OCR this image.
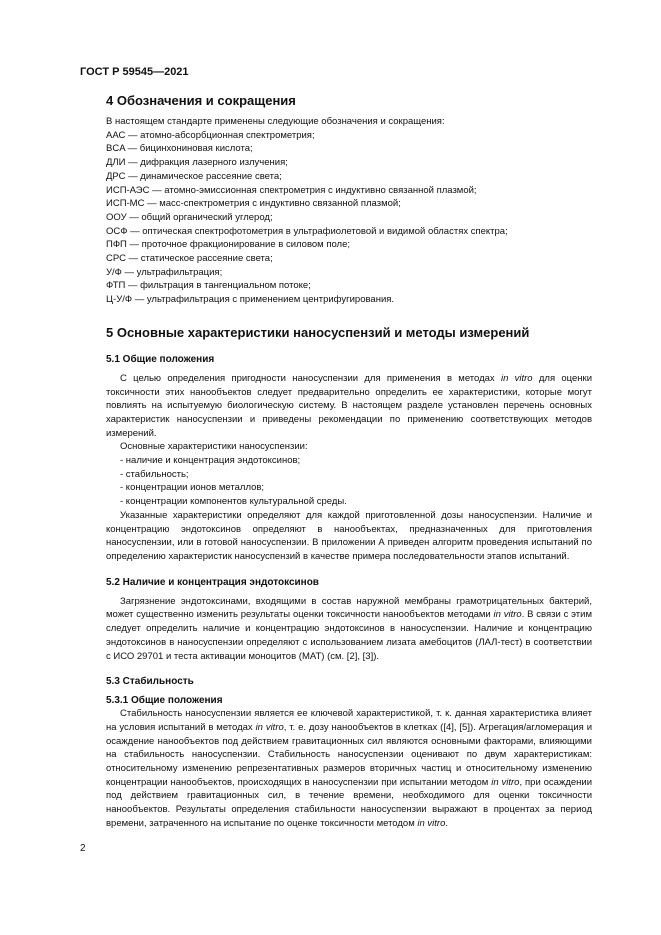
ГОСТ Р 59545—2021
4 Обозначения и сокращения

В настоящем стандарте применены следующие обозначения и сокращения:

ААС — атомно-абсорбционная спектрометрия;

BCA — бицинхониновая кислота;

ДЛИ — дифракция лазерного излучения;

ДРС — динамическое рассеяние света;

ИСП-АЭС — атомно-эмиссионная спектрометрия с индуктивно связанной плазмой;

ИСП-МС — масс-спектрометрия с индуктивно связанной плазмой;

ООУ — общий органический углерод;

ОСФ — оптическая спектрофотометрия в ультрафиолетовой и видимой областях спектра;

ПФП — проточное фракционирование в силовом поле;

СРС — статическое рассеяние света;

У/Ф — ультрафильтрация;

ФТП — фильтрация в тангенциальном потоке;

Ц-У/Ф — ультрафильтрация с применением центрифугирования.

5 Основные характеристики наносуспензий и методы измерений
5.1 Общие положения

С целью определения пригодности наносуспензии для применения в методах in vitro для оценки токсичности этих нанообъектов следует предварительно определить ее характеристики, которые могут повлиять на испытуемую биологическую систему. В настоящем разделе установлен перечень основных характеристик наносуспензии и приведены рекомендации по применению соответствующих методов измерений.

Основные характеристики наносуспензии:

- наличие и концентрация эндотоксинов;

- стабильность;

- концентрации ионов металлов;

- концентрации компонентов культуральной среды.

Указанные характеристики определяют для каждой приготовленной дозы наносуспензии. Наличие и концентрацию эндотоксинов определяют в нанообъектах, предназначенных для приготовления наносуспензии, или в готовой наносуспензии. В приложении А приведен алгоритм проведения испытаний по определению характеристик наносуспензий в качестве примера последовательности этапов испытаний.

5.2 Наличие и концентрация эндотоксинов

Загрязнение эндотоксинами, входящими в состав наружной мембраны грамотрицательных бактерий, может существенно изменить результаты оценки токсичности нанообъектов методами in vitro. В связи с этим следует определить наличие и концентрацию эндотоксинов в наносуспензии. Наличие и концентрацию эндотоксинов в наносуспензии определяют с использованием лизата амебоцитов (ЛАЛ-тест) в соответствии с ИСО 29701 и теста активации моноцитов (MAT) (см. [2], [3]).

5.3 Стабильность
5.3.1 Общие положения

Стабильность наносуспензии является ее ключевой характеристикой, т. к. данная характеристика влияет на условия испытаний в методах in vitro, т. е. дозу нанообъектов в клетках ([4], [5]). Агрегация/агломерация и осаждение нанообъектов под действием гравитационных сил являются основными факторами, влияющими на стабильность наносуспензии. Стабильность наносуспензии оценивают по двум характеристикам: относительному изменению репрезентативных размеров вторичных частиц и относительному изменению концентрации нанообъектов, происходящих в наносуспензии при испытании методом in vitro, при осаждении под действием гравитационных сил, в течение времени, необходимого для оценки токсичности нанообъектов. Результаты определения стабильности наносуспензии выражают в процентах за период времени, затраченного на испытание по оценке токсичности методом in vitro.

2
